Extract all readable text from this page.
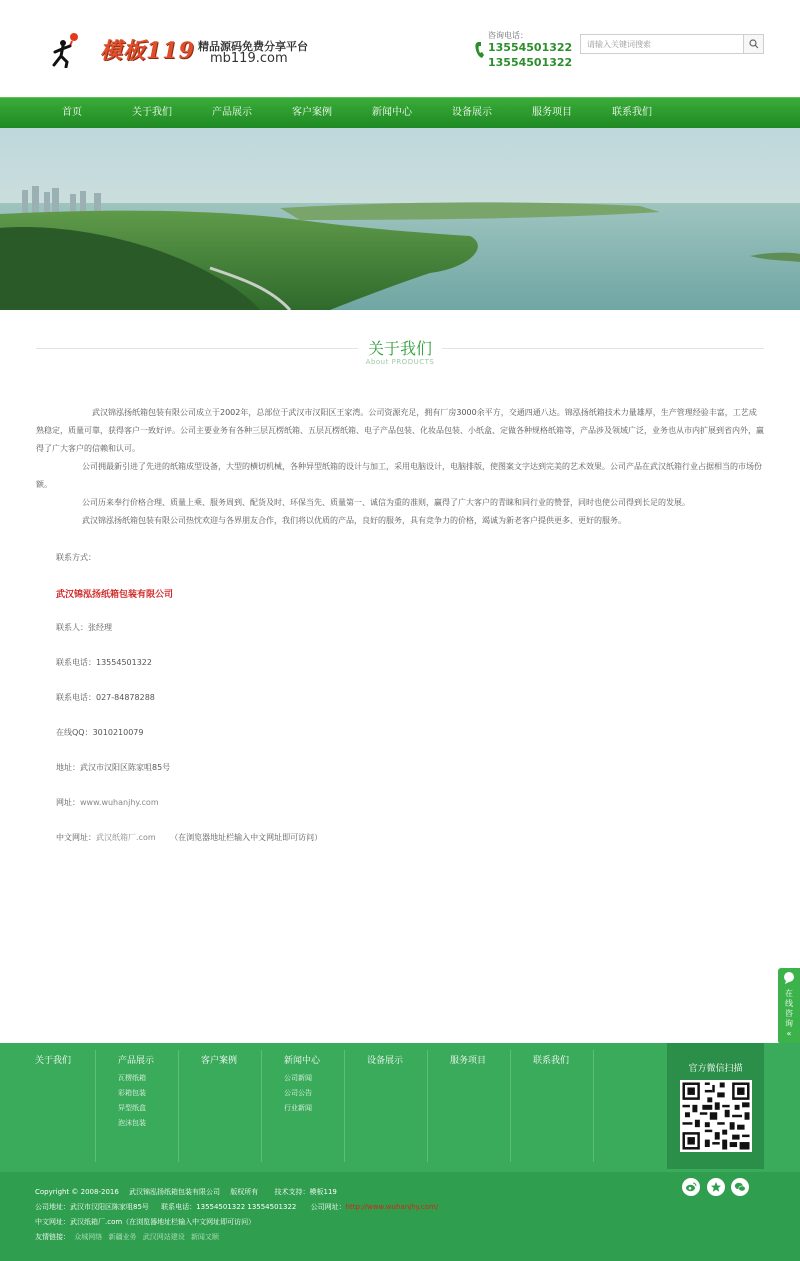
模板119 精品源码免费分享平台
mb119.com
咨询电话：
13554501322
13554501322
请输入关键词搜索
首页	关于我们	产品展示	客户案例	新闻中心	设备展示	服务项目	联系我们
关于我们
About PRODUCTS

武汉锦泓扬纸箱包装有限公司成立于2002年，总部位于武汉市汉阳区王家湾。公司资源充足，拥有厂房3000余平方，交通四通八达。锦泓扬纸箱技术力量雄厚，生产管理经验丰富，工艺成熟稳定，质量可靠，获得客户一致好评。公司主要业务有各种三层瓦楞纸箱、五层瓦楞纸箱、电子产品包装、化妆品包装、小纸盒、定做各种规格纸箱等，产品涉及领域广泛，业务也从市内扩展到省内外，赢得了广大客户的信赖和认可。

公司拥最新引进了先进的纸箱成型设备，大型的横切机械，各种异型纸箱的设计与加工，采用电脑设计，电脑排版，使图案文字达到完美的艺术效果。公司产品在武汉纸箱行业占据相当的市场份额。

公司历来奉行价格合理、质量上乘、服务周到、配货及时、环保当先、质量第一、诚信为重的准则，赢得了广大客户的青睐和同行业的赞誉，同时也使公司得到长足的发展。

武汉锦泓扬纸箱包装有限公司热忱欢迎与各界朋友合作，我们将以优质的产品，良好的服务，具有竞争力的价格，竭诚为新老客户提供更多、更好的服务。

联系方式：
武汉锦泓扬纸箱包装有限公司
联系人：张经理
联系电话：13554501322
联系电话：027-84878288
在线QQ：3010210079
地址：武汉市汉阳区陈家咀85号
网址：www.wuhanjhy.com
中文网址：武汉纸箱厂.com （在浏览器地址栏输入中文网址即可访问）
在线咨询
«
关于我们	产品展示
瓦楞纸箱
彩箱包装
异型纸盒
泡沫包装
客户案例	新闻中心
公司新闻
公司公告
行业新闻
设备展示	服务项目	联系我们
官方微信扫描
Copyright © 2008-2016 武汉锦泓扬纸箱包装有限公司 版权所有 技术支持：模板119
公司地址：武汉市汉阳区陈家咀85号 联系电话：13554501322 13554501322 公司网址：http://www.wuhanjhy.com/
中文网址：武汉纸箱厂.com（在浏览器地址栏输入中文网址即可访问）
友情链接： 众城网络 新疆业务 武汉网站建设 新闻又顺
